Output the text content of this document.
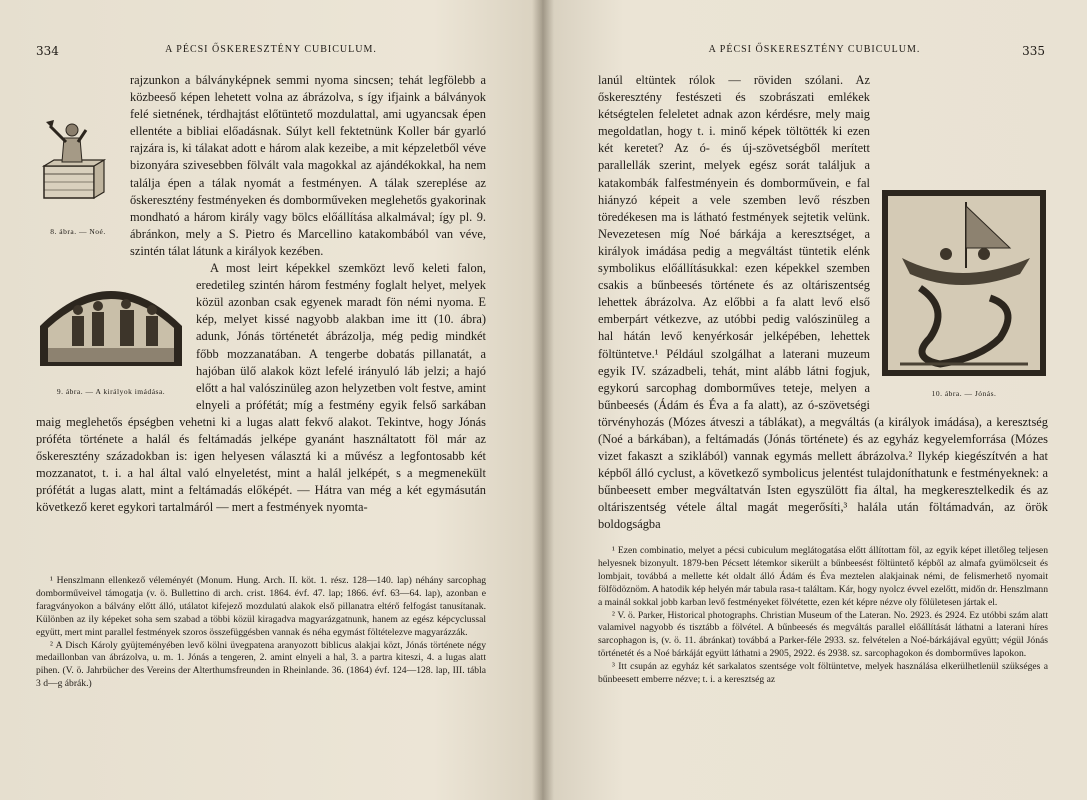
334	A PÉCSI ŐSKERESZTÉNY CUBICULUM.
8. ábra. — Noé.

rajzunkon a bálványképnek semmi nyoma sincsen; tehát legfölebb a közbeeső képen lehetett volna az ábrázolva, s így ifjaink a bálványok felé sietnének, térdhajtást előtüntető mozdulattal, ami ugyancsak épen ellentéte a bibliai előadásnak. Súlyt kell fektetnünk Koller bár gyarló rajzára is, ki tálakat adott e három alak kezeibe, a mit képzeletből véve bizonyára szivesebben fölvált vala magokkal az ajándékokkal, ha nem találja épen a tálak nyomát a festményen. A tálak szereplése az őskeresztény festményeken és domborműveken meglehetős gyakorinak mondható a három király vagy bölcs előállítása alkalmával; így pl. 9. ábránkon, mely a S. Pietro és Marcellino katakombából van véve, szintén tálat látunk a királyok kezében.

9. ábra. — A királyok imádása.

A most leirt képekkel szemközt levő keleti falon, eredetileg szintén három festmény foglalt helyet, melyek közül azonban csak egyenek maradt fön némi nyoma. E kép, melyet kissé nagyobb alakban ime itt (10. ábra) adunk, Jónás történetét ábrázolja, még pedig mindkét főbb mozzanatában. A tengerbe dobatás pillanatát, a hajóban ülő alakok közt lefelé irányuló láb jelzi; a hajó előtt a hal valószinüleg azon helyzetben volt festve, amint elnyeli a prófétát; míg a festmény egyik felső sarkában maig meglehetős épségben vehetni ki a lugas alatt fekvő alakot. Tekintve, hogy Jónás próféta története a halál és feltámadás jelképe gyanánt használtatott föl már az őskeresztény századokban is: igen helyesen választá ki a művész a legfontosabb két mozzanatot, t. i. a hal által való elnyeletést, mint a halál jelképét, s a megmenekült prófétát a lugas alatt, mint a feltámadás előképét. — Hátra van még a két egymásután következő keret egykori tartalmáról — mert a festmények nyomta-

¹ Henszlmann ellenkező véleményét (Monum. Hung. Arch. II. köt. 1. rész. 128—140. lap) néhány sarcophag domborműveivel támogatja (v. ö. Bullettino di arch. crist. 1864. évf. 47. lap; 1866. évf. 63—64. lap), azonban e faragványokon a bálvány előtt álló, utálatot kifejező mozdulatú alakok első pillanatra eltérő felfogást tanusítanak. Különben az ily képeket soha sem szabad a többi közül kiragadva magyarázgatnunk, hanem az egész képcyclussal együtt, mert mint parallel festmények szoros összefüggésben vannak és néha egymást föltételezve magyarázzák.

² A Disch Károly gyüjteményében levő kölni üvegpatena aranyozott biblicus alakjai közt, Jónás története négy medaillonban van ábrázolva, u. m. 1. Jónás a tengeren, 2. amint elnyeli a hal, 3. a partra kiteszi, 4. a lugas alatt pihen. (V. ö. Jahrbücher des Vereins der Alterthumsfreunden in Rheinlande. 36. (1864) évf. 124—128. lap, III. tábla 3 d—g ábrák.)

A PÉCSI ŐSKERESZTÉNY CUBICULUM.	335
10. ábra. — Jónás.

lanúl eltüntek rólok — röviden szólani. Az őskeresztény festészeti és szobrászati emlékek kétségtelen feleletet adnak azon kérdésre, mely maig megoldatlan, hogy t. i. minő képek töltötték ki ezen két keretet? Az ó- és új-szövetségből merített parallellák szerint, melyek egész sorát találjuk a katakombák falfestményein és domborművein, e fal hiányzó képeit a vele szemben levő részben töredékesen ma is látható festmények sejtetik velünk. Nevezetesen míg Noé bárkája a keresztséget, a királyok imádása pedig a megváltást tüntetik elénk symbolikus előállításukkal: ezen képekkel szemben csakis a bűnbeesés története és az oltáriszentség lehettek ábrázolva. Az előbbi a fa alatt levő első emberpárt vétkezve, az utóbbi pedig valószinüleg a hal hátán levő kenyérkosár jelképében, lehettek föltüntetve.¹ Például szolgálhat a laterani muzeum egyik IV. századbeli, tehát, mint alább látni fogjuk, egykorú sarcophag domborműves teteje, melyen a bűnbeesés (Ádám és Éva a fa alatt), az ó-szövetségi törvényhozás (Mózes átveszi a táblákat), a megváltás (a királyok imádása), a keresztség (Noé a bárkában), a feltámadás (Jónás története) és az egyház kegyelemforrása (Mózes vizet fakaszt a sziklából) vannak egymás mellett ábrázolva.² Ilykép kiegészítvén a hat képből álló cyclust, a következő symbolicus jelentést tulajdoníthatunk e festményeknek: a bűnbeesett ember megváltatván Isten egyszülött fia által, ha megkeresztelkedik és az oltáriszentség vétele által magát megerősíti,³ halála után föltámadván, az örök boldogságba

¹ Ezen combinatio, melyet a pécsi cubiculum meglátogatása előtt állítottam föl, az egyik képet illetőleg teljesen helyesnek bizonyult. 1879-ben Pécsett létemkor sikerült a bűnbeesést föltüntető képből az almafa gyümölcseit és lombjait, továbbá a mellette két oldalt álló Ádám és Éva meztelen alakjainak némi, de felismerhető nyomait fölfödöznöm. A hatodik kép helyén már tabula rasa-t találtam. Kár, hogy nyolcz évvel ezelőtt, midőn dr. Henszlmann a mainál sokkal jobb karban levő festményeket fölvétette, ezen két képre nézve oly fölületesen jártak el.

² V. ö. Parker, Historical photographs. Christian Museum of the Lateran. No. 2923. és 2924. Ez utóbbi szám alatt valamivel nagyobb és tisztább a fölvétel. A bűnbeesés és megváltás parallel előállítását láthatni a laterani híres sarcophagon is, (v. ö. 11. ábránkat) továbbá a Parker-féle 2933. sz. felvételen a Noé-bárkájával együtt; végül Jónás történetét és a Noé bárkáját együtt láthatni a 2905, 2922. és 2938. sz. sarcophagokon és domborműves lapokon.

³ Itt csupán az egyház két sarkalatos szentsége volt föltüntetve, melyek használása elkerülhetlenül szükséges a bűnbeesett emberre nézve; t. i. a keresztség az
